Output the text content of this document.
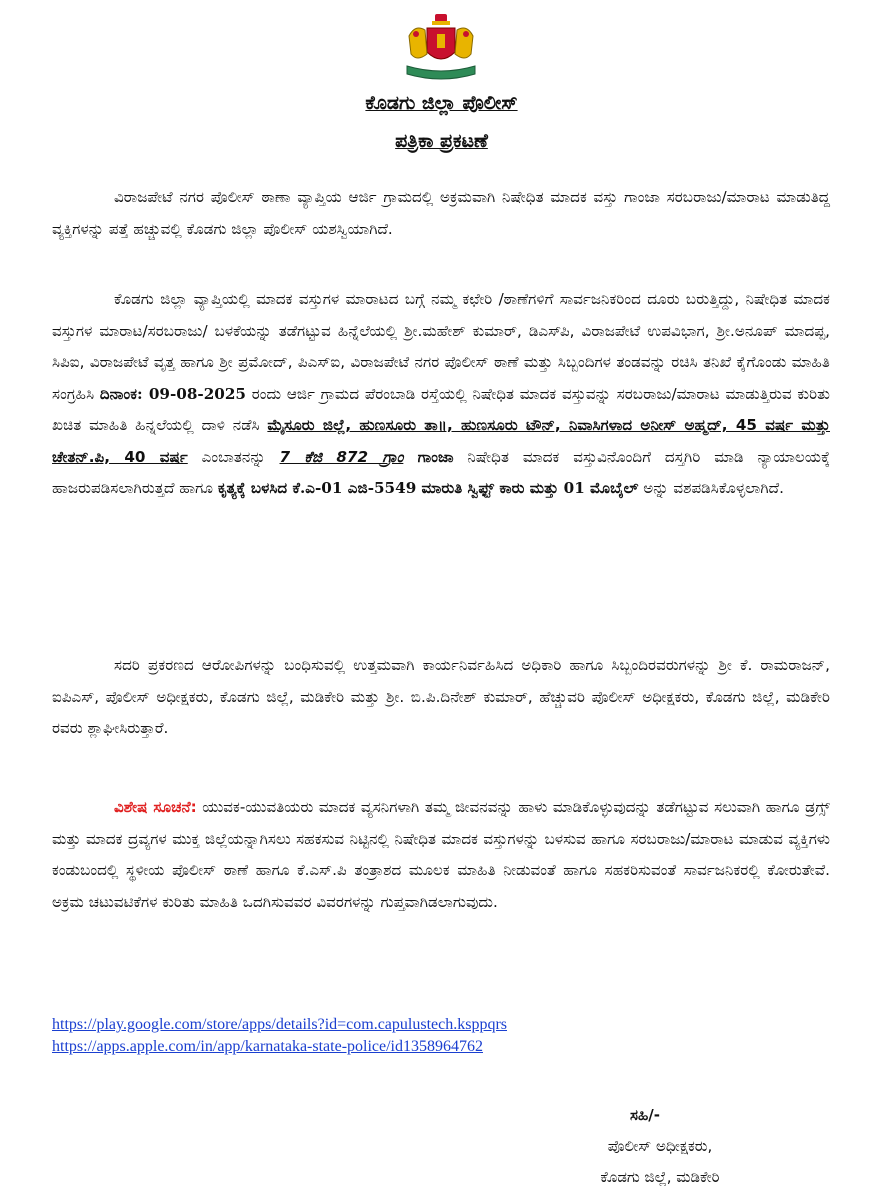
ಕೊಡಗು ಜಿಲ್ಲಾ ಪೊಲೀಸ್
ಪತ್ರಿಕಾ ಪ್ರಕಟಣೆ

ವಿರಾಜಪೇಟೆ ನಗರ ಪೊಲೀಸ್ ಠಾಣಾ ವ್ಯಾಪ್ತಿಯ ಆರ್ಜಿ ಗ್ರಾಮದಲ್ಲಿ ಅಕ್ರಮವಾಗಿ ನಿಷೇಧಿತ ಮಾದಕ ವಸ್ತು ಗಾಂಜಾ ಸರಬರಾಜು/ಮಾರಾಟ ಮಾಡುತಿದ್ದ ವ್ಯಕ್ತಿಗಳನ್ನು ಪತ್ತೆ ಹಚ್ಚುವಲ್ಲಿ ಕೊಡಗು ಜಿಲ್ಲಾ ಪೊಲೀಸ್ ಯಶಸ್ವಿಯಾಗಿದೆ.

ಕೊಡಗು ಜಿಲ್ಲಾ ವ್ಯಾಪ್ತಿಯಲ್ಲಿ ಮಾದಕ ವಸ್ತುಗಳ ಮಾರಾಟದ ಬಗ್ಗೆ ನಮ್ಮ ಕಛೇರಿ /ಠಾಣೆಗಳಿಗೆ ಸಾರ್ವಜನಿಕರಿಂದ ದೂರು ಬರುತ್ತಿದ್ದು, ನಿಷೇಧಿತ ಮಾದಕ ವಸ್ತುಗಳ ಮಾರಾಟ/ಸರಬರಾಜು/ ಬಳಕೆಯನ್ನು ತಡೆಗಟ್ಟುವ ಹಿನ್ನೆಲೆಯಲ್ಲಿ ಶ್ರೀ.ಮಹೇಶ್ ಕುಮಾರ್, ಡಿಎಸ್‍ಪಿ, ವಿರಾಜಪೇಟೆ ಉಪವಿಭಾಗ, ಶ್ರೀ.ಅನೂಪ್ ಮಾದಪ್ಪ, ಸಿಪಿಐ, ವಿರಾಜಪೇಟೆ ವೃತ್ತ ಹಾಗೂ ಶ್ರೀ ಪ್ರಮೋದ್, ಪಿಎಸ್‍ಐ, ವಿರಾಜಪೇಟೆ ನಗರ ಪೊಲೀಸ್ ಠಾಣೆ ಮತ್ತು ಸಿಬ್ಬಂದಿಗಳ ತಂಡವನ್ನು ರಚಿಸಿ ತನಿಖೆ ಕೈಗೊಂಡು ಮಾಹಿತಿ ಸಂಗ್ರಹಿಸಿ ದಿನಾಂಕ: 09-08-2025 ರಂದು ಆರ್ಜಿ ಗ್ರಾಮದ ಪೆರಂಬಾಡಿ ರಸ್ತೆಯಲ್ಲಿ ನಿಷೇಧಿತ ಮಾದಕ ವಸ್ತುವನ್ನು ಸರಬರಾಜು/ಮಾರಾಟ ಮಾಡುತ್ತಿರುವ ಕುರಿತು ಖಚಿತ ಮಾಹಿತಿ ಹಿನ್ನಲೆಯಲ್ಲಿ ದಾಳಿ ನಡೆಸಿ ಮೈಸೂರು ಜಿಲ್ಲೆ, ಹುಣಸೂರು ತಾ॥, ಹುಣಸೂರು ಟೌನ್, ನಿವಾಸಿಗಳಾದ ಅನೀಸ್ ಅಹ್ಮದ್, 45 ವರ್ಷ ಮತ್ತು ಚೇತನ್.ಪಿ, 40 ವರ್ಷ ಎಂಬಾತನನ್ನು 7 ಕೆಜಿ 872 ಗ್ರಾಂ ಗಾಂಜಾ ನಿಷೇಧಿತ ಮಾದಕ ವಸ್ತುವಿನೊಂದಿಗೆ ದಸ್ತಗಿರಿ ಮಾಡಿ ನ್ಯಾಯಾಲಯಕ್ಕೆ ಹಾಜರುಪಡಿಸಲಾಗಿರುತ್ತದೆ ಹಾಗೂ ಕೃತ್ಯಕ್ಕೆ ಬಳಸಿದ ಕೆ.ಎ-01 ಎಜಿ-5549 ಮಾರುತಿ ಸ್ವಿಫ್ಟ್ ಕಾರು ಮತ್ತು 01 ಮೊಬೈಲ್ ಅನ್ನು ವಶಪಡಿಸಿಕೊಳ್ಳಲಾಗಿದೆ.

ಸದರಿ ಪ್ರಕರಣದ ಆರೋಪಿಗಳನ್ನು ಬಂಧಿಸುವಲ್ಲಿ ಉತ್ತಮವಾಗಿ ಕಾರ್ಯನಿರ್ವಹಿಸಿದ ಅಧಿಕಾರಿ ಹಾಗೂ ಸಿಬ್ಬಂದಿರವರುಗಳನ್ನು ಶ್ರೀ ಕೆ. ರಾಮರಾಜನ್, ಐಪಿಎಸ್, ಪೊಲೀಸ್ ಅಧೀಕ್ಷಕರು, ಕೊಡಗು ಜಿಲ್ಲೆ, ಮಡಿಕೇರಿ ಮತ್ತು ಶ್ರೀ. ಬಿ.ಪಿ.ದಿನೇಶ್ ಕುಮಾರ್, ಹೆಚ್ಚುವರಿ ಪೊಲೀಸ್ ಅಧೀಕ್ಷಕರು, ಕೊಡಗು ಜಿಲ್ಲೆ, ಮಡಿಕೇರಿ ರವರು ಶ್ಲಾಘೀಸಿರುತ್ತಾರೆ.

ವಿಶೇಷ ಸೂಚನೆ: ಯುವಕ-ಯುವತಿಯರು ಮಾದಕ ವ್ಯಸನಿಗಳಾಗಿ ತಮ್ಮ ಜೀವನವನ್ನು ಹಾಳು ಮಾಡಿಕೊಳ್ಳುವುದನ್ನು ತಡೆಗಟ್ಟುವ ಸಲುವಾಗಿ ಹಾಗೂ ಡ್ರಗ್ಸ್ ಮತ್ತು ಮಾದಕ ದ್ರವ್ಯಗಳ ಮುಕ್ತ ಜಿಲ್ಲೆಯನ್ನಾಗಿಸಲು ಸಹಕಸುವ ನಿಟ್ಟಿನಲ್ಲಿ ನಿಷೇಧಿತ ಮಾದಕ ವಸ್ತುಗಳನ್ನು ಬಳಸುವ ಹಾಗೂ ಸರಬರಾಜು/ಮಾರಾಟ ಮಾಡುವ ವ್ಯಕ್ತಿಗಳು ಕಂಡುಬಂದಲ್ಲಿ ಸ್ಥಳೀಯ ಪೊಲೀಸ್ ಠಾಣೆ ಹಾಗೂ ಕೆ.ಎಸ್.ಪಿ ತಂತ್ರಾಶದ ಮೂಲಕ ಮಾಹಿತಿ ನೀಡುವಂತೆ ಹಾಗೂ ಸಹಕರಿಸುವಂತೆ ಸಾರ್ವಜನಿಕರಲ್ಲಿ ಕೋರುತೇವೆ. ಅಕ್ರಮ ಚಟುವಟಿಕೆಗಳ ಕುರಿತು ಮಾಹಿತಿ ಒದಗಿಸುವವರ ವಿವರಗಳನ್ನು ಗುಪ್ತವಾಗಿಡಲಾಗುವುದು.

https://play.google.com/store/apps/details?id=com.capulustech.ksppqrs
https://apps.apple.com/in/app/karnataka-state-police/id1358964762
ಸಹಿ/-
ಪೊಲೀಸ್ ಅಧೀಕ್ಷಕರು,
ಕೊಡಗು ಜಿಲ್ಲೆ, ಮಡಿಕೇರಿ
